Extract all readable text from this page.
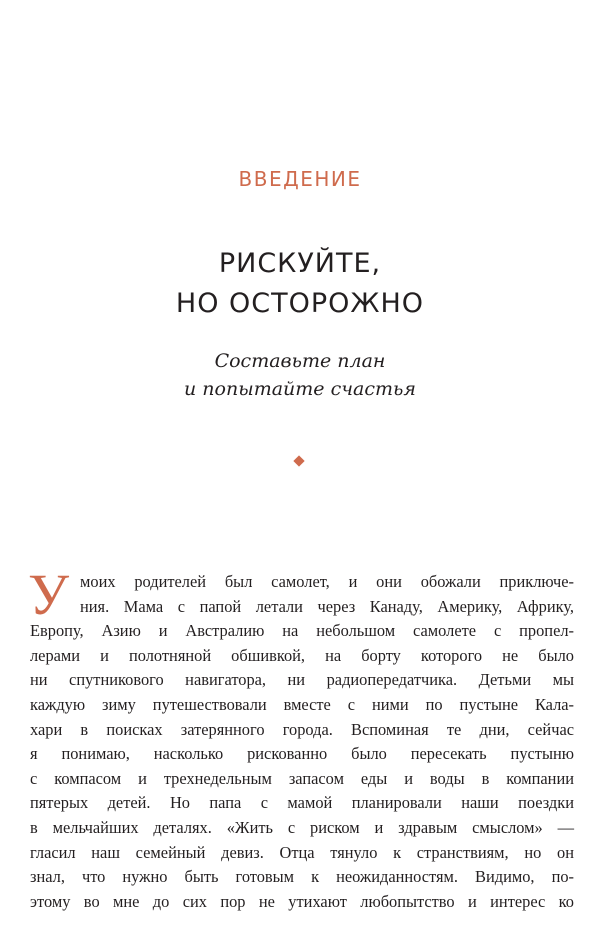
ВВЕДЕНИЕ
РИСКУЙТЕ,
НО ОСТОРОЖНО
Составьте план
и попытайте счастья
У моих родителей был самолет, и они обожали приключе-
ния. Мама с папой летали через Канаду, Америку, Африку,
Европу, Азию и Австралию на небольшом самолете с пропел-
лерами и полотняной обшивкой, на борту которого не было
ни спутникового навигатора, ни радиопередатчика. Детьми мы
каждую зиму путешествовали вместе с ними по пустыне Кала-
хари в поисках затерянного города. Вспоминая те дни, сейчас
я понимаю, насколько рискованно было пересекать пустыню
с компасом и трехнедельным запасом еды и воды в компании
пятерых детей. Но папа с мамой планировали наши поездки
в мельчайших деталях. «Жить с риском и здравым смыслом» —
гласил наш семейный девиз. Отца тянуло к странствиям, но он
знал, что нужно быть готовым к неожиданностям. Видимо, по-
этому во мне до сих пор не утихают любопытство и интерес ко
